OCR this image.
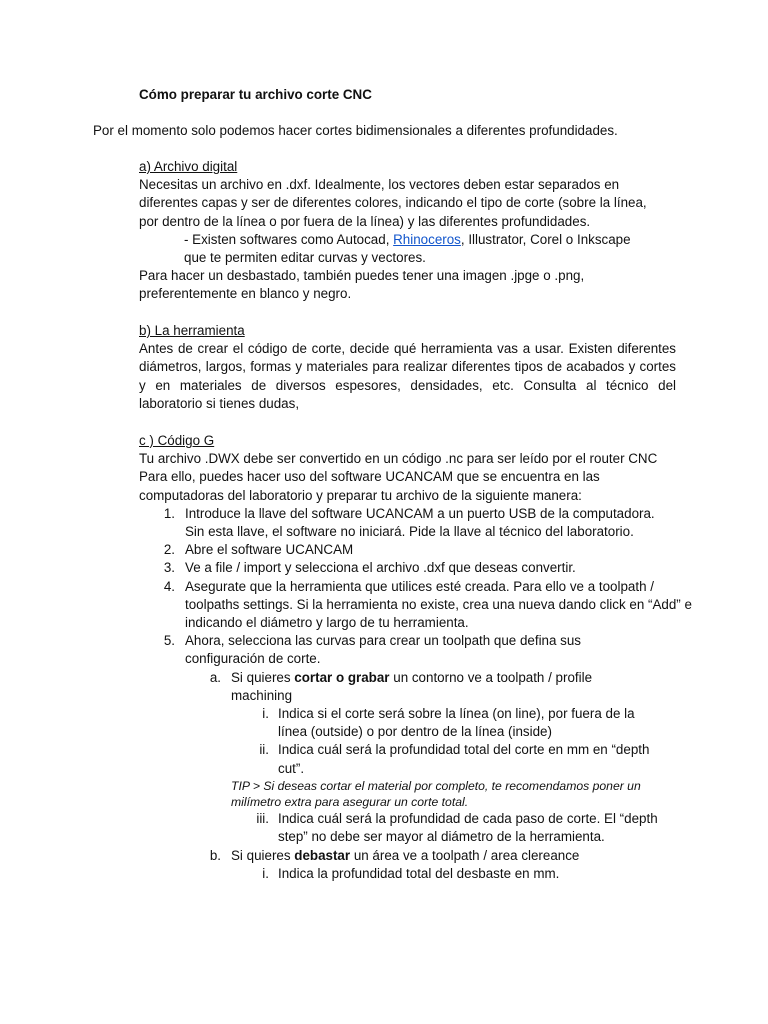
Cómo preparar tu archivo corte CNC
Por el momento solo podemos hacer cortes bidimensionales a diferentes profundidades.

a) Archivo digital

Necesitas un archivo en .dxf. Idealmente, los vectores deben estar separados en diferentes capas y ser de diferentes colores, indicando el tipo de corte (sobre la línea, por dentro de la línea o por fuera de la línea) y las diferentes profundidades.

- Existen softwares como Autocad, Rhinoceros, Illustrator, Corel o Inkscape

que te permiten editar curvas y vectores.

Para hacer un desbastado, también puedes tener una imagen .jpge o .png, preferentemente en blanco y negro.

b) La herramienta

Antes de crear el código de corte, decide qué herramienta vas a usar. Existen diferentes diámetros, largos, formas y materiales para realizar diferentes tipos de acabados y cortes y en materiales de diversos espesores, densidades, etc. Consulta al técnico del laboratorio si tienes dudas,

c ) Código G

Tu archivo .DWX debe ser convertido en un código .nc para ser leído por el router CNC Para ello, puedes hacer uso del software UCANCAM que se encuentra en las computadoras del laboratorio y preparar tu archivo de la siguiente manera:

1. Introduce la llave del software UCANCAM a un puerto USB de la computadora. Sin esta llave, el software no iniciará. Pide la llave al técnico del laboratorio.
2. Abre el software UCANCAM
3. Ve a file / import y selecciona el archivo .dxf que deseas convertir.
4. Asegurate que la herramienta que utilices esté creada. Para ello ve a toolpath / toolpaths settings. Si la herramienta no existe, crea una nueva dando click en “Add” e indicando el diámetro y largo de tu herramienta.
5. Ahora, selecciona las curvas para crear un toolpath que defina sus configuración de corte.
a. Si quieres cortar o grabar un contorno ve a toolpath / profile machining
i. Indica si el corte será sobre la línea (on line), por fuera de la línea (outside) o por dentro de la línea (inside)
ii. Indica cuál será la profundidad total del corte en mm en “depth cut”.

TIP > Si deseas cortar el material por completo, te recomendamos poner un milímetro extra para asegurar un corte total.

iii. Indica cuál será la profundidad de cada paso de corte. El “depth step” no debe ser mayor al diámetro de la herramienta.
b. Si quieres debastar un área ve a toolpath / area clereance
i. Indica la profundidad total del desbaste en mm.
